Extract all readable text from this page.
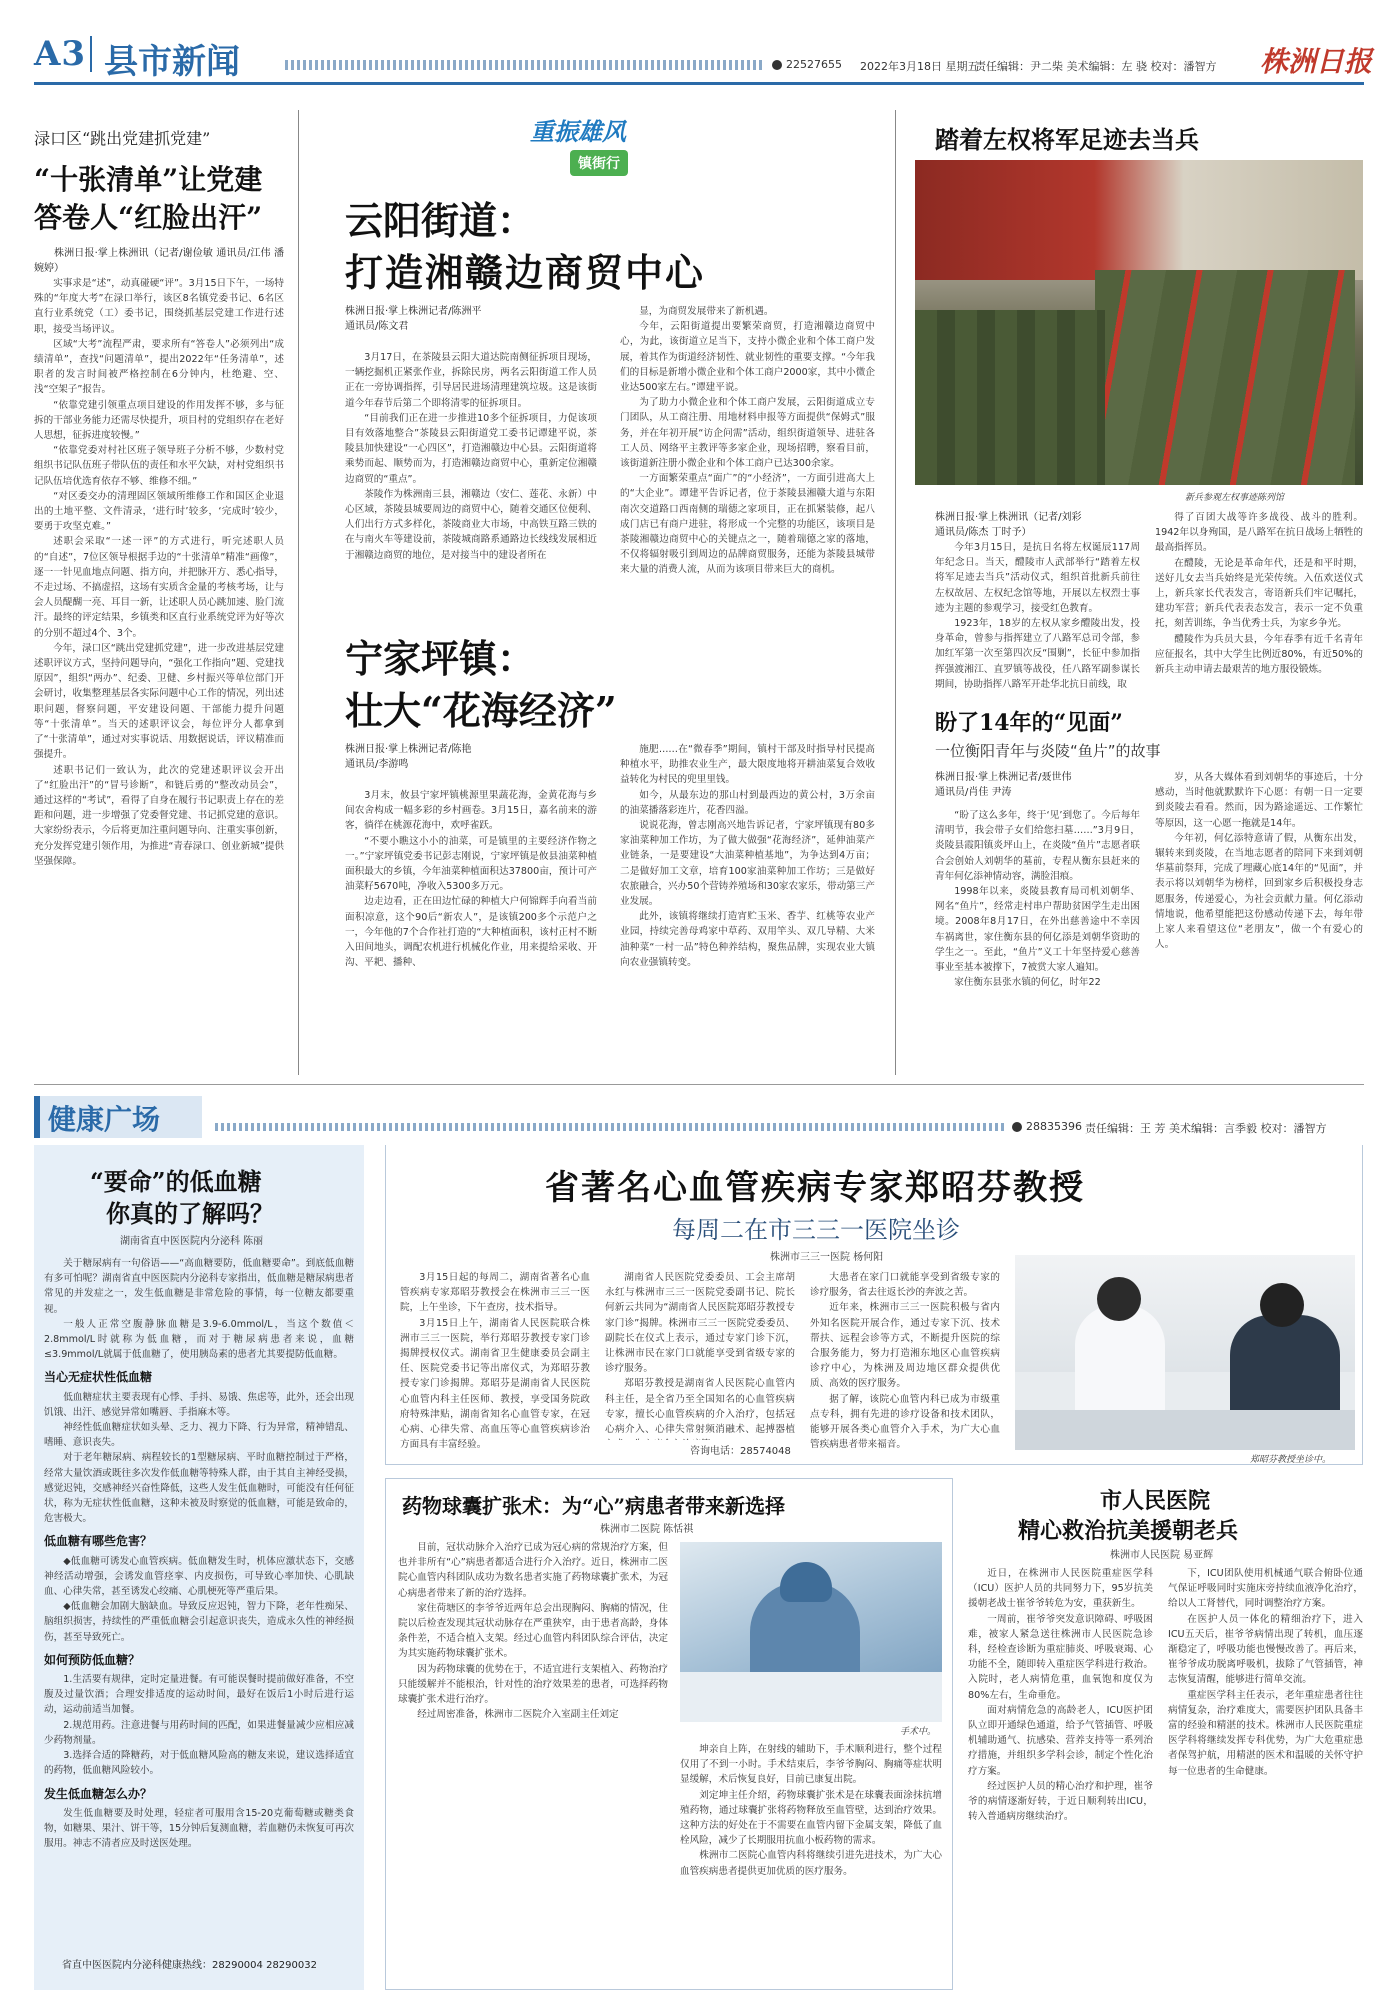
A3 县市新闻	22527655 2022年3月18日 星期五
责任编辑：尹二柴 美术编辑：左 骁 校对：潘智方 株洲日报
渌口区“跳出党建抓党建”
“十张清单”让党建
答卷人“红脸出汗”

株洲日报·掌上株洲讯（记者/谢俭敏 通讯员/江伟 潘婉婷）

实事求是“述”，动真碰硬“评”。3月15日下午，一场特殊的“年度大考”在渌口举行，该区8名镇党委书记、6名区直行业系统党（工）委书记，围绕抓基层党建工作进行述职，接受当场评议。

区域“大考”流程严肃，要求所有“答卷人”必须列出“成绩清单”，查找“问题清单”，提出2022年“任务清单”，述职者的发言时间被严格控制在6分钟内，杜绝避、空、浅“空架子”报告。

“依靠党建引领重点项目建设的作用发挥不够，多与征拆的干部业务能力还需尽快提升，项目村的党组织存在老好人思想，征拆进度较慢。”

“依靠党委对村社区班子领导班子分析不够，少数村党组织书记队伍班子带队伍的责任和水平欠缺，对村党组织书记队伍培优选育依存不够、维修不细。”

“对区委交办的清理固区领域所维修工作和国区企业退出的土地平整、文件清录，‘进行时’较多，‘完成时’较少，要勇于攻坚克难。”

述职会采取“一述一评”的方式进行，听完述职人员的“自述”，7位区领导根据手边的“十张清单”精准“画像”，逐一一针见血地点问题、指方向，并把脉开方、悉心指导，不走过场、不搞虚招，这场有实质含金量的考核考场，让与会人员醍醐一亮、耳目一新，让述职人员心跳加速、脸门流汗。最终的评定结果，乡镇类和区直行业系统党评为好等次的分别不超过4个、3个。

今年，渌口区“跳出党建抓党建”，进一步改进基层党建述职评议方式，坚持问题导向，“强化工作指向”题、党建找原因”，组织“两办”、纪委、卫健、乡村振兴等单位部门开会研讨，收集整理基层各实际问题中心工作的情况，列出述职问题，督察问题，平安建设问题、干部能力提升问题等“十张清单”。当天的述职评议会，每位评分人都拿到了“十张清单”，通过对实事说话、用数据说话，评议精准而强提升。

述职书记们一致认为，此次的党建述职评议会开出了“红脸出汗”的“冒号诊断”，和链后勇的“整改动员会”，通过这样的“考试”，看得了自身在履行书记职责上存在的差距和问题，进一步增强了党委督党建、书记抓党建的意识。大家纷纷表示，今后将更加注重问题导向、注重实事创新，充分发挥党建引领作用，为推进“青春渌口、创业新城”提供坚强保障。

重振雄风
镇街行
云阳街道：
打造湘赣边商贸中心
株洲日报·掌上株洲记者/陈洲平
通讯员/陈文君

3月17日，在茶陵县云阳大道达院南侧征拆项目现场，一辆挖掘机正紧张作业，拆除民房，两名云阳街道工作人员正在一旁协调指挥，引导居民进场清理建筑垃圾。这是该街道今年春节后第二个即将清零的征拆项目。

“目前我们正在进一步推进10多个征拆项目，力促该项目有效落地整合”茶陵县云阳街道党工委书记谭建平说，茶陵县加快建设“一心四区”，打造湘赣边中心县。云阳街道将乘势而起、顺势而为，打造湘赣边商贸中心，重新定位湘赣边商贸的“重点”。

茶陵作为株洲南三县，湘赣边（安仁、莲花、永新）中心区域，茶陵县城要周边的商贸中心，随着交通区位便利、人们出行方式多样化，茶陵商业大市场，中高铁互路三铁的在与南火车等建设前，茶陵城商路系通路边长线线发展相近于湘赣边商贸的地位，是对接当中的建设者所在

显，为商贸发展带来了新机遇。

今年，云阳街道提出要繁荣商贸，打造湘赣边商贸中心，为此，该街道立足当下，支持小微企业和个体工商户发展，着其作为街道经济韧性、就业韧性的重要支撑。“今年我们的目标是新增小微企业和个体工商户2000家，其中小微企业达500家左右。”谭建平说。

为了助力小微企业和个体工商户发展，云阳街道成立专门团队，从工商注册、用地材料申报等方面提供“保姆式”服务，并在年初开展“访企问需”活动，组织街道领导、进驻各工人员、网络平主教评等多家企业，现场招聘，察看目前，该街道新注册小微企业和个体工商户已达300余家。

一方面繁荣重点“面广”的“小经济”，一方面引进高大上的“大企业”。谭建平告诉记者，位于茶陵县湘赣大道与东阳南次交道路口西南侧的瑞德之家项目，正在抓紧装修，起八成门店已有商户进驻，将形成一个完整的功能区，该项目是茶陵湘赣边商贸中心的关键点之一，随着瑞德之家的落地，不仅将辐射吸引到周边的品牌商贸服务，还能为茶陵县城带来大量的消费人流，从而为该项目带来巨大的商机。

宁家坪镇：
壮大“花海经济”
株洲日报·掌上株洲记者/陈艳
通讯员/李游鸣

3月末，攸县宁家坪镇桃源里果蔬花海，金黄花海与乡间农舍构成一幅多彩的乡村画卷。3月15日，嘉名前来的游客，徜徉在桃源花海中，欢呼雀跃。

“不要小瞧这小小的油菜，可是镇里的主要经济作物之一。”宁家坪镇党委书记彭志刚说，宁家坪镇是攸县油菜种植面积最大的乡镇，今年油菜种植面积达37800亩，预计可产油菜籽5670吨，净收入5300多万元。

边走边看，正在田边忙碌的种植大户何锦辉手向看当前面积凉意，这个90后“新农人”，是该镇200多个示范户之一，今年他的7个合作社打造的“大种植面积，该村正村不断入田间地头，调配农机进行机械化作业，用来提给采收、开沟、平耙、播种、

施肥……在“微春季”期间，镇村干部及时指导村民提高种植水平，助推农业生产，最大限度地将开耕油菜复合效收益转化为村民的兜里里钱。

如今，从最东边的那山村到最西边的黄公村，3万余亩的油菜播落彩连片，花香四溢。

说说花海，曾志刚高兴地告诉记者，宁家坪镇现有80多家油菜种加工作坊，为了做大做强“花海经济”，延伸油菜产业链条，一是要建设“大油菜种植基地”，为争达到4万亩；二是做好加工文章，培育100家油菜种加工作坊；三是做好农旅融合，兴办50个营铸养殖场和30家农家乐，带动第三产业发展。

此外，该镇将继续打造宵贮玉米、香芋、红桃等农业产业园，持续完善母鸡家中草药、双用竿头、双几导精、大米油种菜“一村一品”特色种养结构，聚焦品牌，实现农业大镇向农业强镇转变。

踏着左权将军足迹去当兵
新兵参观左权事迹陈列馆
株洲日报·掌上株洲讯（记者/刘彩
通讯员/陈杰 丁时予）

今年3月15日，是抗日名将左权诞辰117周年纪念日。当天，醴陵市人武部举行“踏着左权将军足迹去当兵”活动仪式，组织首批新兵前往左权故居、左权纪念馆等地，开展以左权烈士事迹为主题的参观学习，接受红色教育。

1923年，18岁的左权从家乡醴陵出发，投身革命，曾参与指挥建立了八路军总司令部，参加红军第一次至第四次反“围剿”，长征中参加指挥强渡湘江、直罗镇等战役，任八路军副参谋长期间，协助指挥八路军开赴华北抗日前线，取

得了百团大战等许多战役、战斗的胜利。1942年以身殉国，是八路军在抗日战场上牺牲的最高指挥员。

在醴陵，无论是革命年代，还是和平时期，送好儿女去当兵始终是光荣传统。入伍欢送仪式上，新兵家长代表发言，寄语新兵们牢记嘱托，建功军营；新兵代表表态发言，表示一定不负重托，刻苦训练，争当优秀士兵，为家乡争光。

醴陵作为兵员大县，今年春季有近千名青年应征报名，其中大学生比例近80%，有近50%的新兵主动申请去最艰苦的地方服役锻炼。

盼了14年的“见面”
一位衡阳青年与炎陵“鱼片”的故事
株洲日报·掌上株洲记者/聂世伟
通讯员/肖佳 尹涛

“盼了这么多年，终于‘见’到您了。今后每年清明节，我会带子女们给您扫墓……”3月9日，炎陵县霞阳镇炎坪山上，在炎陵“鱼片”志愿者联合会创始人刘朝华的墓前，专程从衡东县赶来的青年何亿添神情动容，满脸泪痕。

1998年以来，炎陵县教育局司机刘朝华、网名“鱼片”，经常走村串户帮助贫困学生走出困境。2008年8月17日，在外出慈善途中不幸因车祸离世，家住衡东县的何亿添是刘朝华资助的学生之一。至此，“鱼片”义工十年坚持爱心慈善事业至基本被撑下，7被赏大家人遍知。

家住衡东县张水镇的何亿，时年22

岁，从各大媒体看到刘朝华的事迹后，十分感动，当时他就默默许下心愿：有朝一日一定要到炎陵去看看。然而，因为路途遥远、工作繁忙等原因，这一心愿一拖就是14年。

今年初，何亿添特意请了假，从衡东出发，辗转来到炎陵，在当地志愿者的陪同下来到刘朝华墓前祭拜，完成了埋藏心底14年的“见面”，并表示将以刘朝华为榜样，回到家乡后积极投身志愿服务，传递爱心，为社会贡献力量。何亿添动情地说，他希望能把这份感动传递下去，每年带上家人来看望这位“老朋友”，做一个有爱心的人。

健康广场	28835396 责任编辑：王 芳 美术编辑：言季毅 校对：潘智方
“要命”的低血糖
你真的了解吗？
湖南省直中医医院内分泌科 陈丽

关于糖尿病有一句俗语——“高血糖要防，低血糖要命”。到底低血糖有多可怕呢？湖南省直中医医院内分泌科专家指出，低血糖是糖尿病患者常见的并发症之一，发生低血糖是非常危险的事情，每一位糖友都要重视。

一般人正常空腹静脉血糖是3.9-6.0mmol/L，当这个数值＜2.8mmol/L时就称为低血糖，而对于糖尿病患者来说，血糖≤3.9mmol/L就属于低血糖了，使用胰岛素的患者尤其要提防低血糖。

当心无症状性低血糖

低血糖症状主要表现有心悸、手抖、易饿、焦虑等，此外，还会出现饥饿、出汗、感觉异常如嘴唇、手指麻木等。

神经性低血糖症状如头晕、乏力、视力下降、行为异常，精神错乱、嗜睡、意识丧失。

对于老年糖尿病、病程较长的1型糖尿病、平时血糖控制过于严格，经常大量饮酒或既往多次发作低血糖等特殊人群，由于其自主神经受损，感觉迟钝，交感神经兴奋性降低，这些人发生低血糖时，可能没有任何征状，称为无症状性低血糖，这种未被及时察觉的低血糖，可能是致命的，危害极大。

低血糖有哪些危害？

◆低血糖可诱发心血管疾病。低血糖发生时，机体应激状态下，交感神经活动增强，会诱发血管痉挛、内皮损伤，可导致心率加快、心肌缺血、心律失常，甚至诱发心绞痛、心肌梗死等严重后果。

◆低血糖会加剧大脑缺血。导致反应迟钝，智力下降，老年性痴呆、脑组织损害，持续性的严重低血糖会引起意识丧失，造成永久性的神经损伤，甚至导致死亡。

如何预防低血糖？

1.生活要有规律，定时定量进餐。有可能误餐时提前做好准备，不空腹及过量饮酒；合理安排适度的运动时间，最好在饭后1小时后进行运动，运动前适当加餐。

2.规范用药。注意进餐与用药时间的匹配，如果进餐量减少应相应减少药物剂量。

3.选择合适的降糖药，对于低血糖风险高的糖友来说，建议选择适宜的药物，低血糖风险较小。

发生低血糖怎么办？

发生低血糖要及时处理，轻症者可服用含15-20克葡萄糖或糖类食物，如糖果、果汁、饼干等，15分钟后复测血糖，若血糖仍未恢复可再次服用。神志不清者应及时送医处理。

省直中医医院内分泌科健康热线：28290004 28290032
省著名心血管疾病专家郑昭芬教授
每周二在市三三一医院坐诊
株洲市三三一医院 杨何阳

3月15日起的每周二，湖南省著名心血管疾病专家郑昭芬教授会在株洲市三三一医院，上午坐诊，下午查房，技术指导。

3月15日上午，湖南省人民医院联合株洲市三三一医院，举行郑昭芬教授专家门诊揭牌授权仪式。湖南省卫生健康委员会副主任、医院党委书记等出席仪式，为郑昭芬教授专家门诊揭牌。郑昭芬是湖南省人民医院心血管内科主任医师、教授，享受国务院政府特殊津贴，湖南省知名心血管专家，在冠心病、心律失常、高血压等心血管疾病诊治方面具有丰富经验。

湖南省人民医院党委委员、工会主席胡永红与株洲市三三一医院党委副书记、院长何新云共同为“湖南省人民医院郑昭芬教授专家门诊”揭牌。株洲市三三一医院党委委员、副院长在仪式上表示，通过专家门诊下沉，让株洲市民在家门口就能享受到省级专家的诊疗服务。

郑昭芬教授是湖南省人民医院心血管内科主任，是全省乃至全国知名的心血管疾病专家，擅长心血管疾病的介入治疗，包括冠心病介入、心律失常射频消融术、起搏器植

咨询电话：28574048

大患者在家门口就能享受到省级专家的诊疗服务，省去往返长沙的奔波之苦。

近年来，株洲市三三一医院积极与省内外知名医院开展合作，通过专家下沉、技术帮扶、远程会诊等方式，不断提升医院的综合服务能力，努力打造湘东地区心血管疾病诊疗中心，为株洲及周边地区群众提供优质、高效的医疗服务。

据了解，该院心血管内科已成为市级重点专科，拥有先进的诊疗设备和技术团队，能够开展各类心血管介入手术，为广大心血管疾病患者带来福音。

郑昭芬教授坐诊中。
药物球囊扩张术：为“心”病患者带来新选择
株洲市二医院 陈恬祺

目前，冠状动脉介入治疗已成为冠心病的常规治疗方案，但也并非所有“心”病患者都适合进行介入治疗。近日，株洲市二医院心血管内科团队成功为数名患者实施了药物球囊扩张术，为冠心病患者带来了新的治疗选择。

家住荷塘区的李爷爷近两年总会出现胸闷、胸痛的情况，住院以后检查发现其冠状动脉存在严重狭窄，由于患者高龄，身体条件差，不适合植入支架。经过心血管内科团队综合评估，决定为其实施药物球囊扩张术。

因为药物球囊的优势在于，不适宜进行支架植入、药物治疗只能缓解并不能根治，针对性的治疗效果差的患者，可选择药物球囊扩张术进行治疗。

经过周密准备，株洲市二医院介入室副主任刘定

手术中。

坤亲自上阵，在射线的辅助下，手术顺利进行，整个过程仅用了不到一小时。手术结束后，李爷爷胸闷、胸痛等症状明显缓解，术后恢复良好，目前已康复出院。

刘定坤主任介绍，药物球囊扩张术是在球囊表面涂抹抗增殖药物，通过球囊扩张将药物释放至血管壁，达到治疗效果。这种方法的好处在于不需要在血管内留下金属支架，降低了血栓风险，减少了长期服用抗血小板药物的需求。

株洲市二医院心血管内科将继续引进先进技术，为广大心血管疾病患者提供更加优质的医疗服务。

市人民医院
精心救治抗美援朝老兵
株洲市人民医院 易亚辉

近日，在株洲市人民医院重症医学科（ICU）医护人员的共同努力下，95岁抗美援朝老战士崔爷爷转危为安，重获新生。

一周前，崔爷爷突发意识障碍、呼吸困难，被家人紧急送往株洲市人民医院急诊科，经检查诊断为重症肺炎、呼吸衰竭、心功能不全，随即转入重症医学科进行救治。入院时，老人病情危重，血氧饱和度仅为80%左右，生命垂危。

面对病情危急的高龄老人，ICU医护团队立即开通绿色通道，给予气管插管、呼吸机辅助通气、抗感染、营养支持等一系列治疗措施，并组织多学科会诊，制定个性化治疗方案。

经过医护人员的精心治疗和护理，崔爷爷的病情逐渐好转，于近日顺利转出ICU，转入普通病房继续治疗。

下，ICU团队使用机械通气联合俯卧位通气保证呼吸同时实施床旁持续血液净化治疗，给以人工肾替代，同时调整治疗方案。

在医护人员一体化的精细治疗下，进入ICU五天后，崔爷爷病情出现了转机，血压逐渐稳定了，呼吸功能也慢慢改善了。再后来，崔爷爷成功脱离呼吸机，拔除了气管插管，神志恢复清醒，能够进行简单交流。

重症医学科主任表示，老年重症患者往往病情复杂，治疗难度大，需要医护团队具备丰富的经验和精湛的技术。株洲市人民医院重症医学科将继续发挥专科优势，为广大危重症患者保驾护航，用精湛的医术和温暖的关怀守护每一位患者的生命健康。
